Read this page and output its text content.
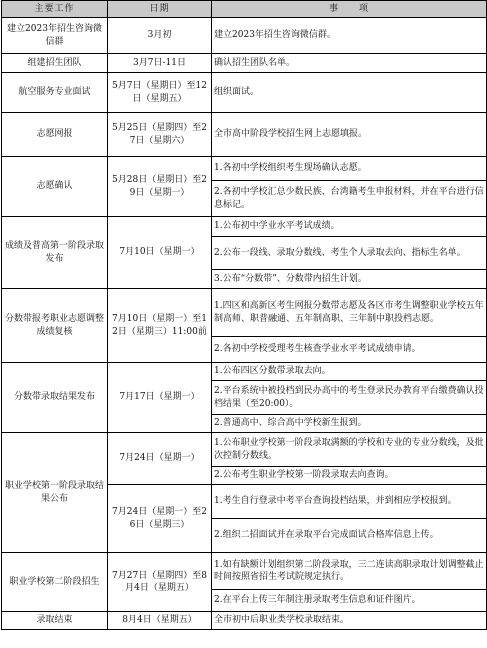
主要工作	日期	事　　项
建立2023年招生咨询微信群	3月初	建立2023年招生咨询微信群。
组建招生团队	3月7日-11日	确认招生团队名单。
航空服务专业面试	5月7日（星期日）至12日（星期五）	组织面试。
志愿网报	5月25日（星期四）至27日（星期六）	全市高中阶段学校招生网上志愿填报。
志愿确认	5月28日（星期日）至29日（星期一）	1.各初中学校组织考生现场确认志愿。
		2.各初中学校汇总少数民族、台湾籍考生申报材料，并在平台进行信息标记。
成绩及普高第一阶段录取发布	7月10日（星期一）	1.公布初中学业水平考试成绩。
		2.公布一段线、录取分数线、考生个人录取去向、指标生名单。
		3.公布“分数带”、分数带内招生计划。
分数带报考职业志愿调整成绩复核	7月10日（星期一）至12日（星期三）11:00前	1.四区和高新区考生网报分数带志愿及各区市考生调整职业学校五年制高师、职普融通、五年制高职、三年制中职投档志愿。
		2.各初中学校受理考生核查学业水平考试成绩申请。
分数带录取结果发布	7月17日（星期一）	1.公布四区分数带录取去向。
		2.平台系统中被投档到民办高中的考生登录民办教育平台缴费确认投档结果（至20:00）。
		2.普通高中、综合高中学校新生报到。
职业学校第一阶段录取结果公布	7月24日（星期一）	1.公布职业学校第一阶段录取满额的学校和专业的专业分数线，及批次控制分数线。
		2.公布考生职业学校第一阶段录取去向查询。
	7月24日（星期一）至26日（星期三）	1.考生自行登录中考平台查询投档结果，并到相应学校报到。
		2.组织二招面试并在录取平台完成面试合格库信息上传。
职业学校第二阶段招生	7月27日（星期四）至8月4日（星期五）	1.如有缺额计划组织第二阶段录取，三二连读高职录取计划调整截止时间按照省招生考试院规定执行。
		2.在平台上传三年制注册录取考生信息和证件图片。
录取结束	8月4日（星期五）	全市初中后职业类学校录取结束。
